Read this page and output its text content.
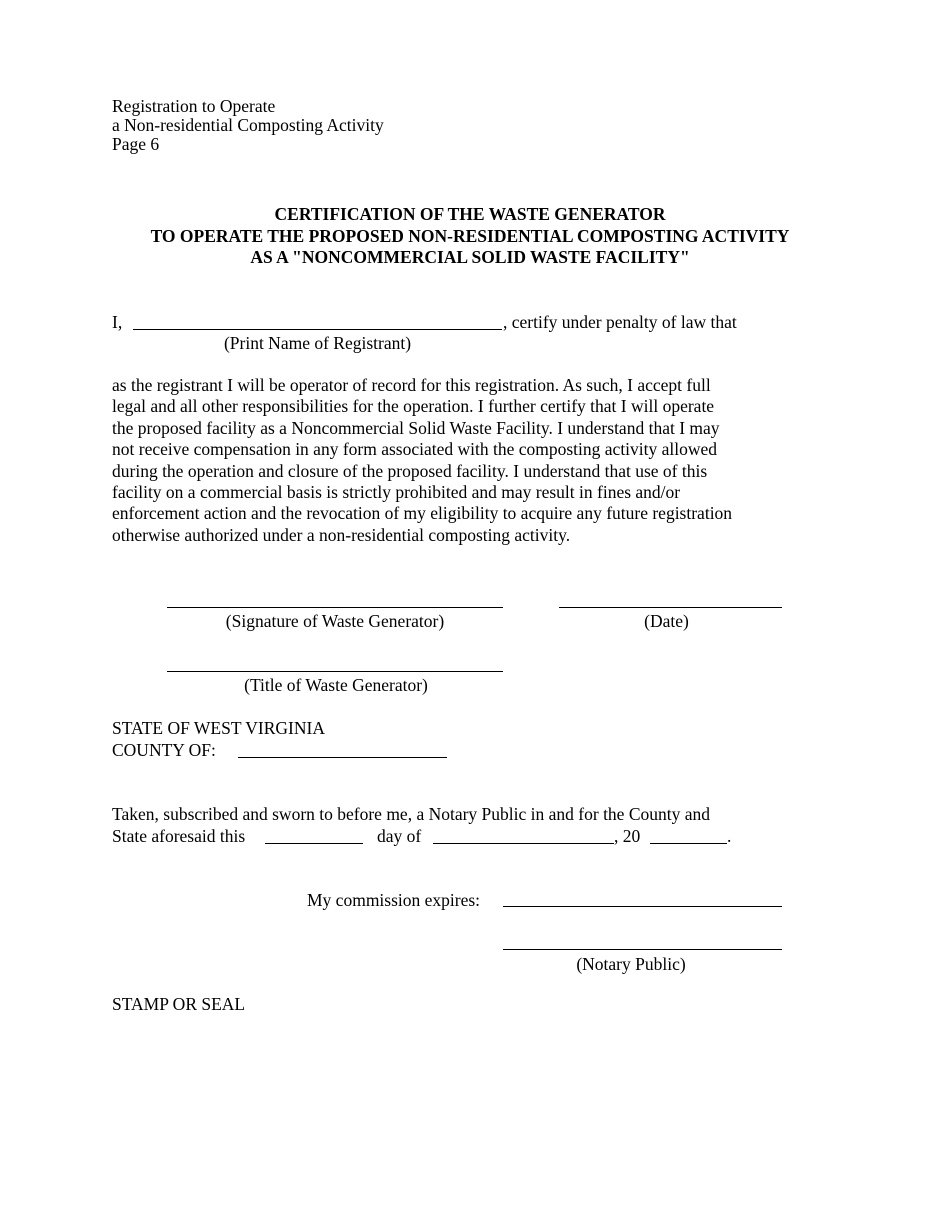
Registration to Operate
a Non-residential Composting Activity
Page 6
CERTIFICATION OF THE WASTE GENERATOR
TO OPERATE THE PROPOSED NON-RESIDENTIAL COMPOSTING ACTIVITY
AS A "NONCOMMERCIAL SOLID WASTE FACILITY"
I,	, certify under penalty of law that
(Print Name of Registrant)
as the registrant I will be operator of record for this registration. As such, I accept full
legal and all other responsibilities for the operation. I further certify that I will operate
the proposed facility as a Noncommercial Solid Waste Facility. I understand that I may
not receive compensation in any form associated with the composting activity allowed
during the operation and closure of the proposed facility. I understand that use of this
facility on a commercial basis is strictly prohibited and may result in fines and/or
enforcement action and the revocation of my eligibility to acquire any future registration
otherwise authorized under a non-residential composting activity.
(Signature of Waste Generator)	(Date)
(Title of Waste Generator)
STATE OF WEST VIRGINIA
COUNTY OF:
Taken, subscribed and sworn to before me, a Notary Public in and for the County and
State aforesaid this	day of	, 20	.
My commission expires:
(Notary Public)
STAMP OR SEAL
